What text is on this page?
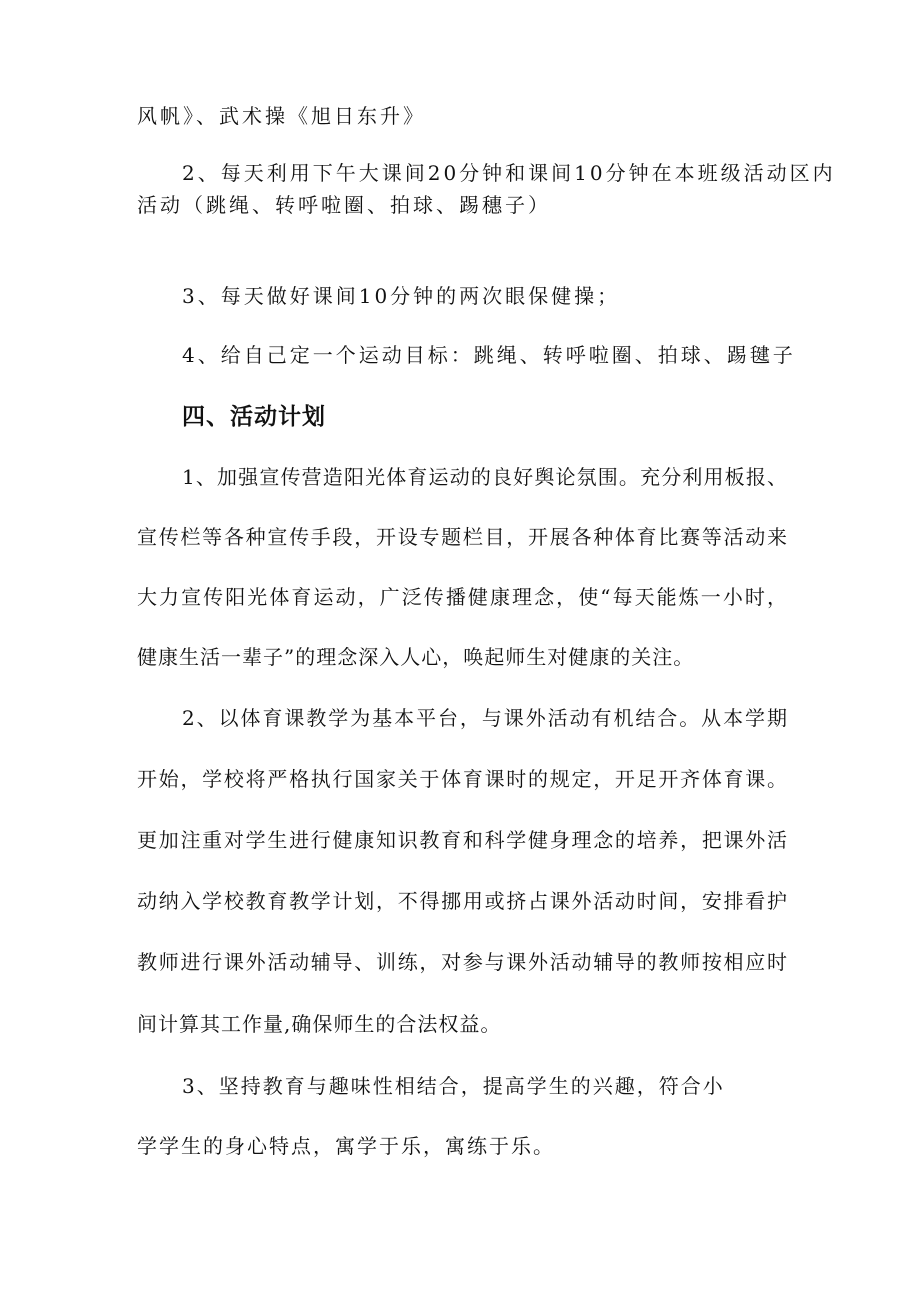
风帆》、武术操《旭日东升》

2、每天利用下午大课间20分钟和课间10分钟在本班级活动区内

活动（跳绳、转呼啦圈、拍球、踢穗子）

3、每天做好课间10分钟的两次眼保健操；

4、给自己定一个运动目标：跳绳、转呼啦圈、拍球、踢毽子

四、活动计划

1、加强宣传营造阳光体育运动的良好舆论氛围。充分利用板报、

宣传栏等各种宣传手段，开设专题栏目，开展各种体育比赛等活动来

大力宣传阳光体育运动，广泛传播健康理念，使“每天能炼一小时，

健康生活一辈子”的理念深入人心，唤起师生对健康的关注。

2、以体育课教学为基本平台，与课外活动有机结合。从本学期

开始，学校将严格执行国家关于体育课时的规定，开足开齐体育课。

更加注重对学生进行健康知识教育和科学健身理念的培养，把课外活

动纳入学校教育教学计划，不得挪用或挤占课外活动时间，安排看护

教师进行课外活动辅导、训练，对参与课外活动辅导的教师按相应时

间计算其工作量,确保师生的合法权益。

3、坚持教育与趣味性相结合，提高学生的兴趣，符合小

学学生的身心特点，寓学于乐，寓练于乐。
